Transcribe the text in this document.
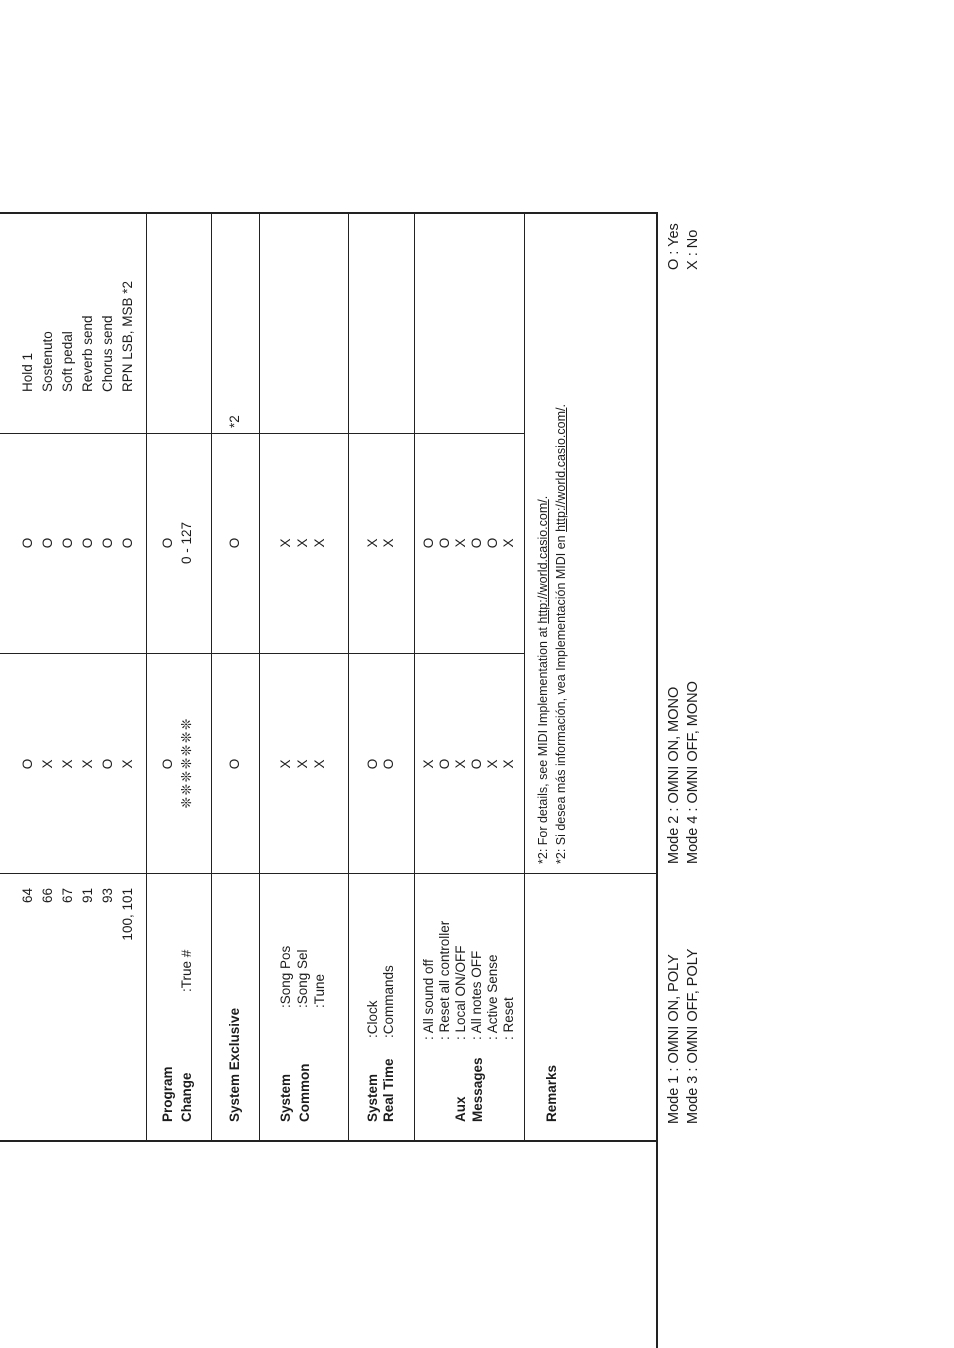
64 66 67 91 93 100, 101
O X X X O X
O O O O O O
Hold 1 Sostenuto Soft pedal Reverb send Chorus send RPN LSB, MSB *2
Program Change
:True #
O ❊ ❊ ❊ ❊ ❊ ❊ ❊
O 0 - 127
System Exclusive
O
O
*2
System Common
:Song Pos :Song Sel :Tune
X X X
X X X
System Real Time
:Clock :Commands
O O
X X
Aux Messages
: All sound off : Reset all controller : Local ON/OFF : All notes OFF : Active Sense : Reset
X O X O X X
O O X O O X
Remarks
*2: For details, see MIDI Implementation at http://world.casio.com/.
*2: Si desea más información, vea Implementación MIDI en http://world.casio.com/.
Mode 1 : OMNI ON, POLY
Mode 2 : OMNI ON, MONO
Mode 3 : OMNI OFF, POLY
Mode 4 : OMNI OFF, MONO
O : Yes X : No
